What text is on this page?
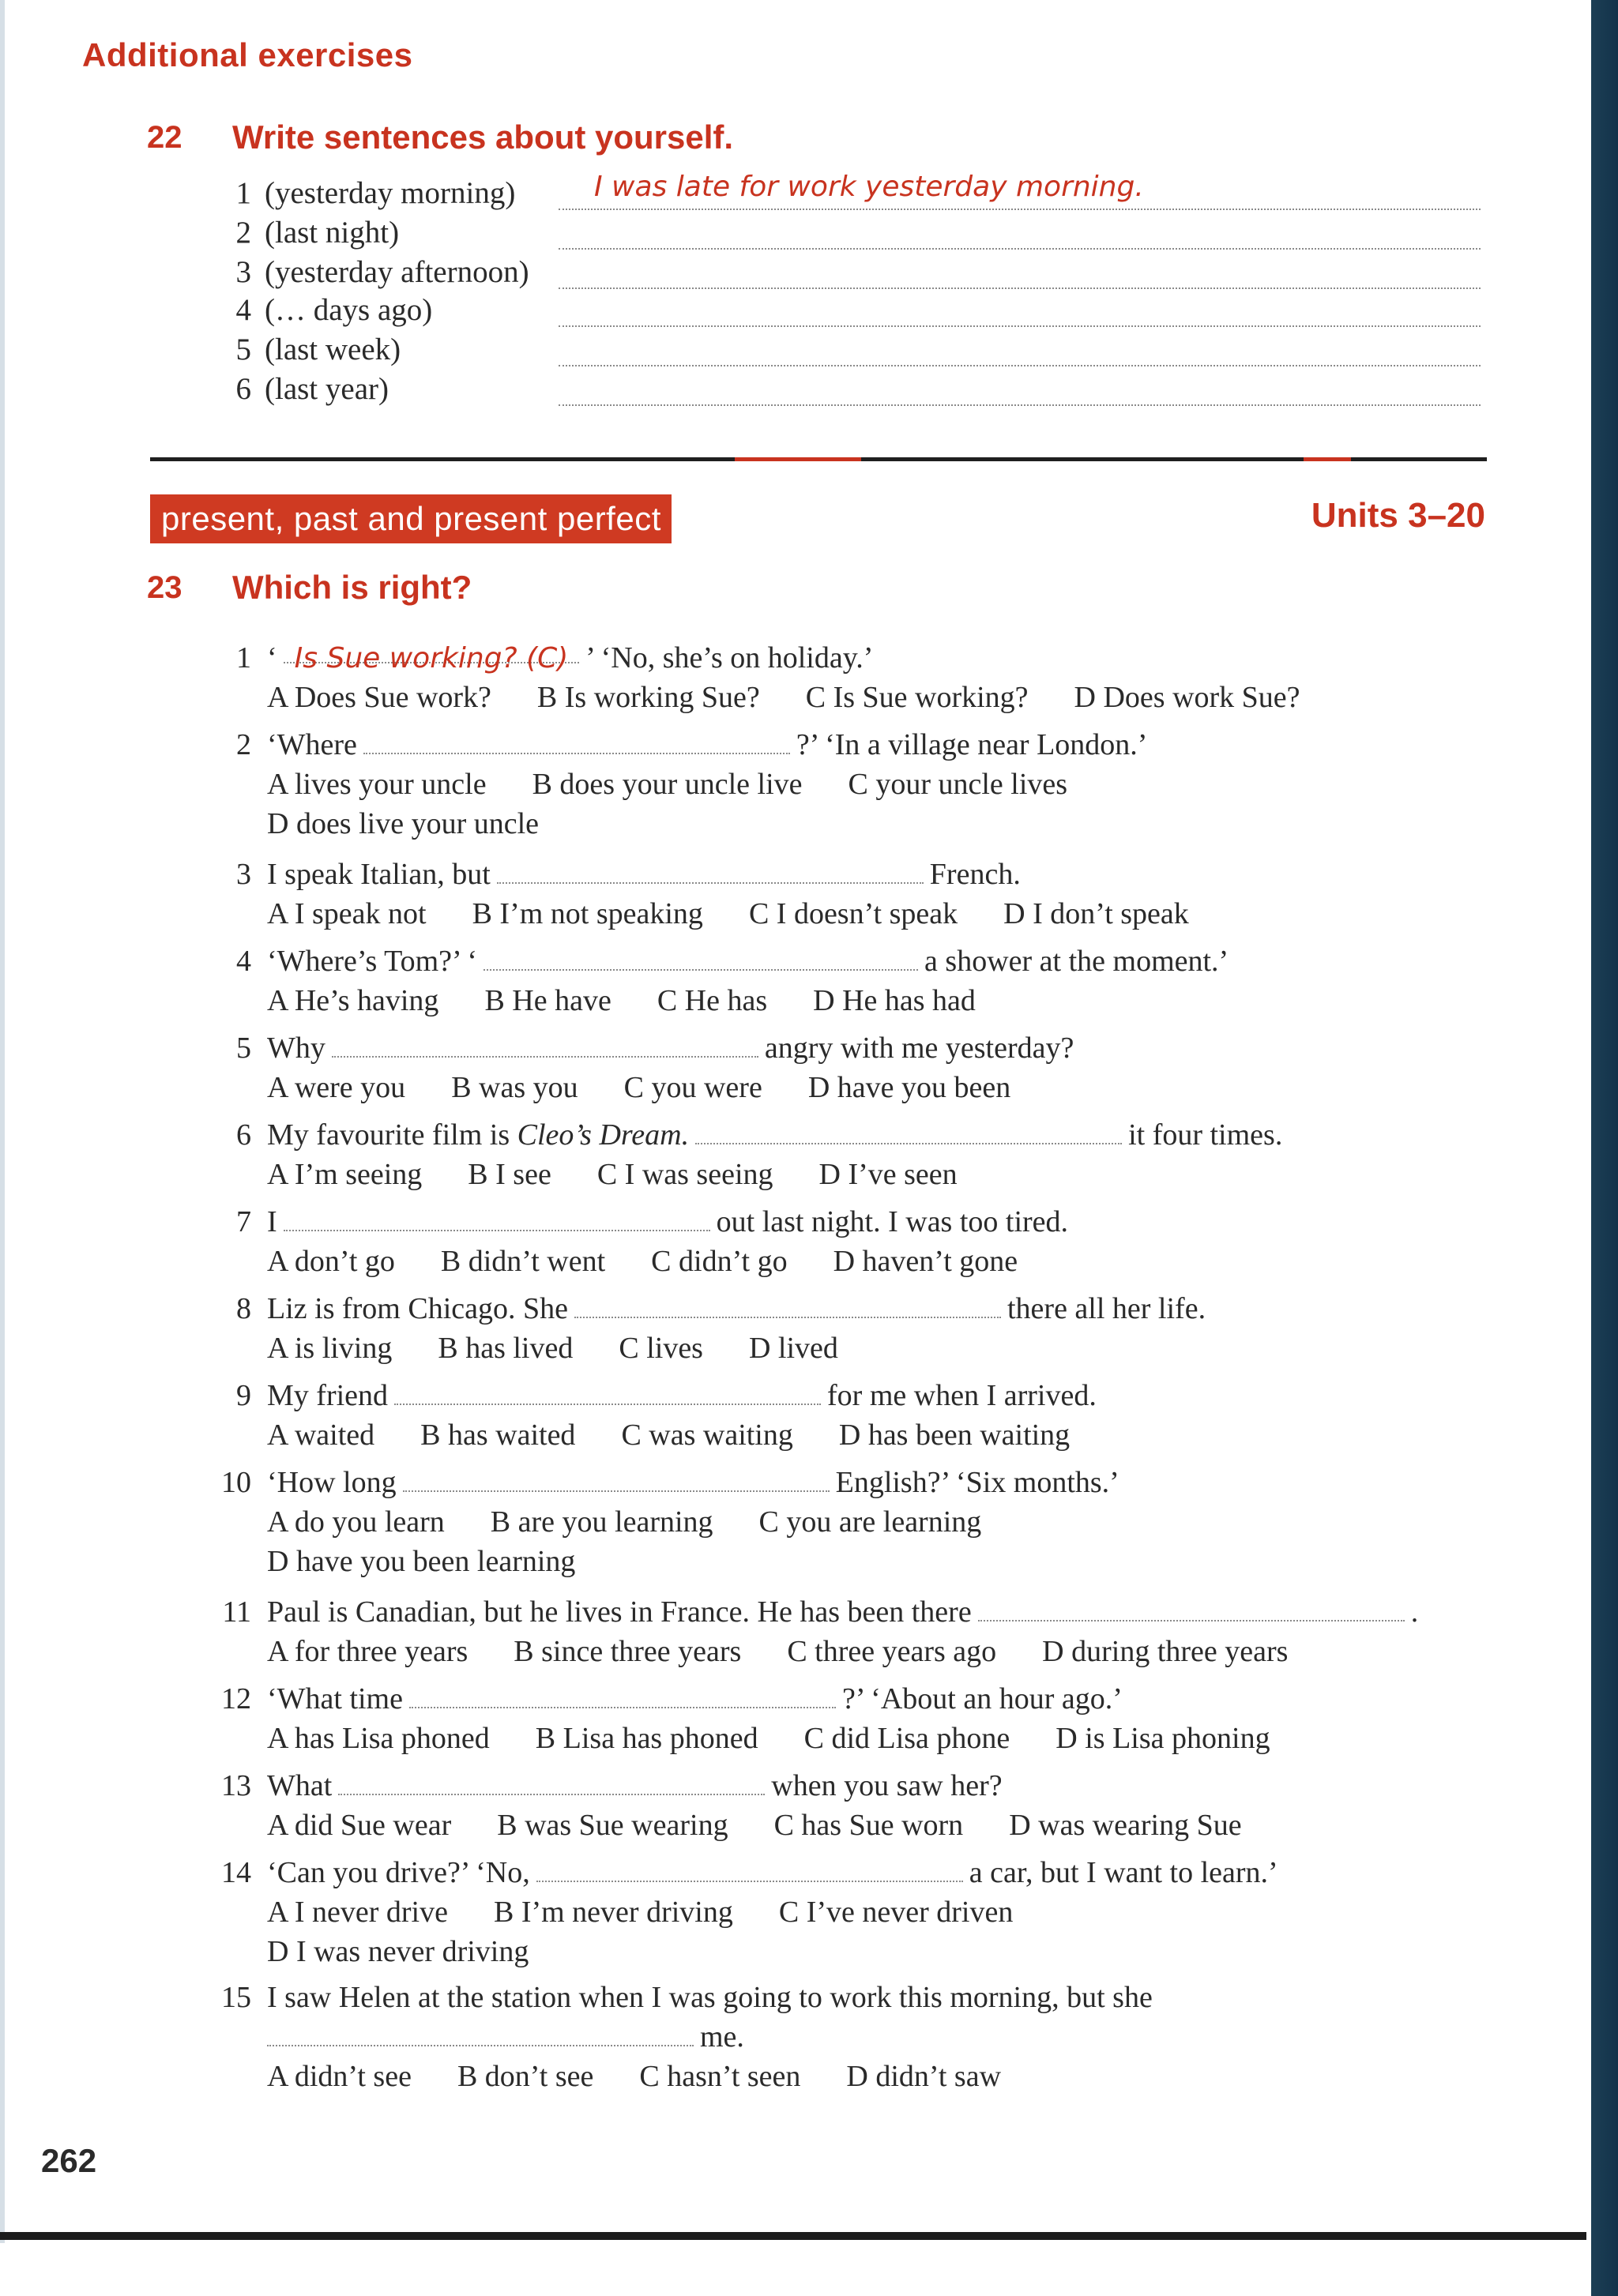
Additional exercises
22 Write sentences about yourself.
1 (yesterday morning)	I was late for work yesterday morning.
2 (last night)
3 (yesterday afternoon)
4 (… days ago)
5 (last week)
6 (last year)
present, past and present perfect	Units 3–20
23 Which is right?
1 ‘ Is Sue working? (C) ’ ‘No, she’s on holiday.’
A Does Sue work? B Is working Sue? C Is Sue working? D Does work Sue?
2 ‘Where	?’ ‘In a village near London.’
A lives your uncle B does your uncle live C your uncle lives
D does live your uncle
3 I speak Italian, but	French.
A I speak not B I’m not speaking C I doesn’t speak D I don’t speak
4 ‘Where’s Tom?’ ‘	a shower at the moment.’
A He’s having B He have C He has D He has had
5 Why	angry with me yesterday?
A were you B was you C you were D have you been
6 My favourite film is Cleo’s Dream.	it four times.
A I’m seeing B I see C I was seeing D I’ve seen
7 I	out last night. I was too tired.
A don’t go B didn’t went C didn’t go D haven’t gone
8 Liz is from Chicago. She	there all her life.
A is living B has lived C lives D lived
9 My friend	for me when I arrived.
A waited B has waited C was waiting D has been waiting
10 ‘How long	English?’ ‘Six months.’
A do you learn B are you learning C you are learning
D have you been learning
11 Paul is Canadian, but he lives in France. He has been there	.
A for three years B since three years C three years ago D during three years
12 ‘What time	?’ ‘About an hour ago.’
A has Lisa phoned B Lisa has phoned C did Lisa phone D is Lisa phoning
13 What	when you saw her?
A did Sue wear B was Sue wearing C has Sue worn D was wearing Sue
14 ‘Can you drive?’ ‘No,	a car, but I want to learn.’
A I never drive B I’m never driving C I’ve never driven
D I was never driving
15 I saw Helen at the station when I was going to work this morning, but she
me.
A didn’t see B don’t see C hasn’t seen D didn’t saw
262
